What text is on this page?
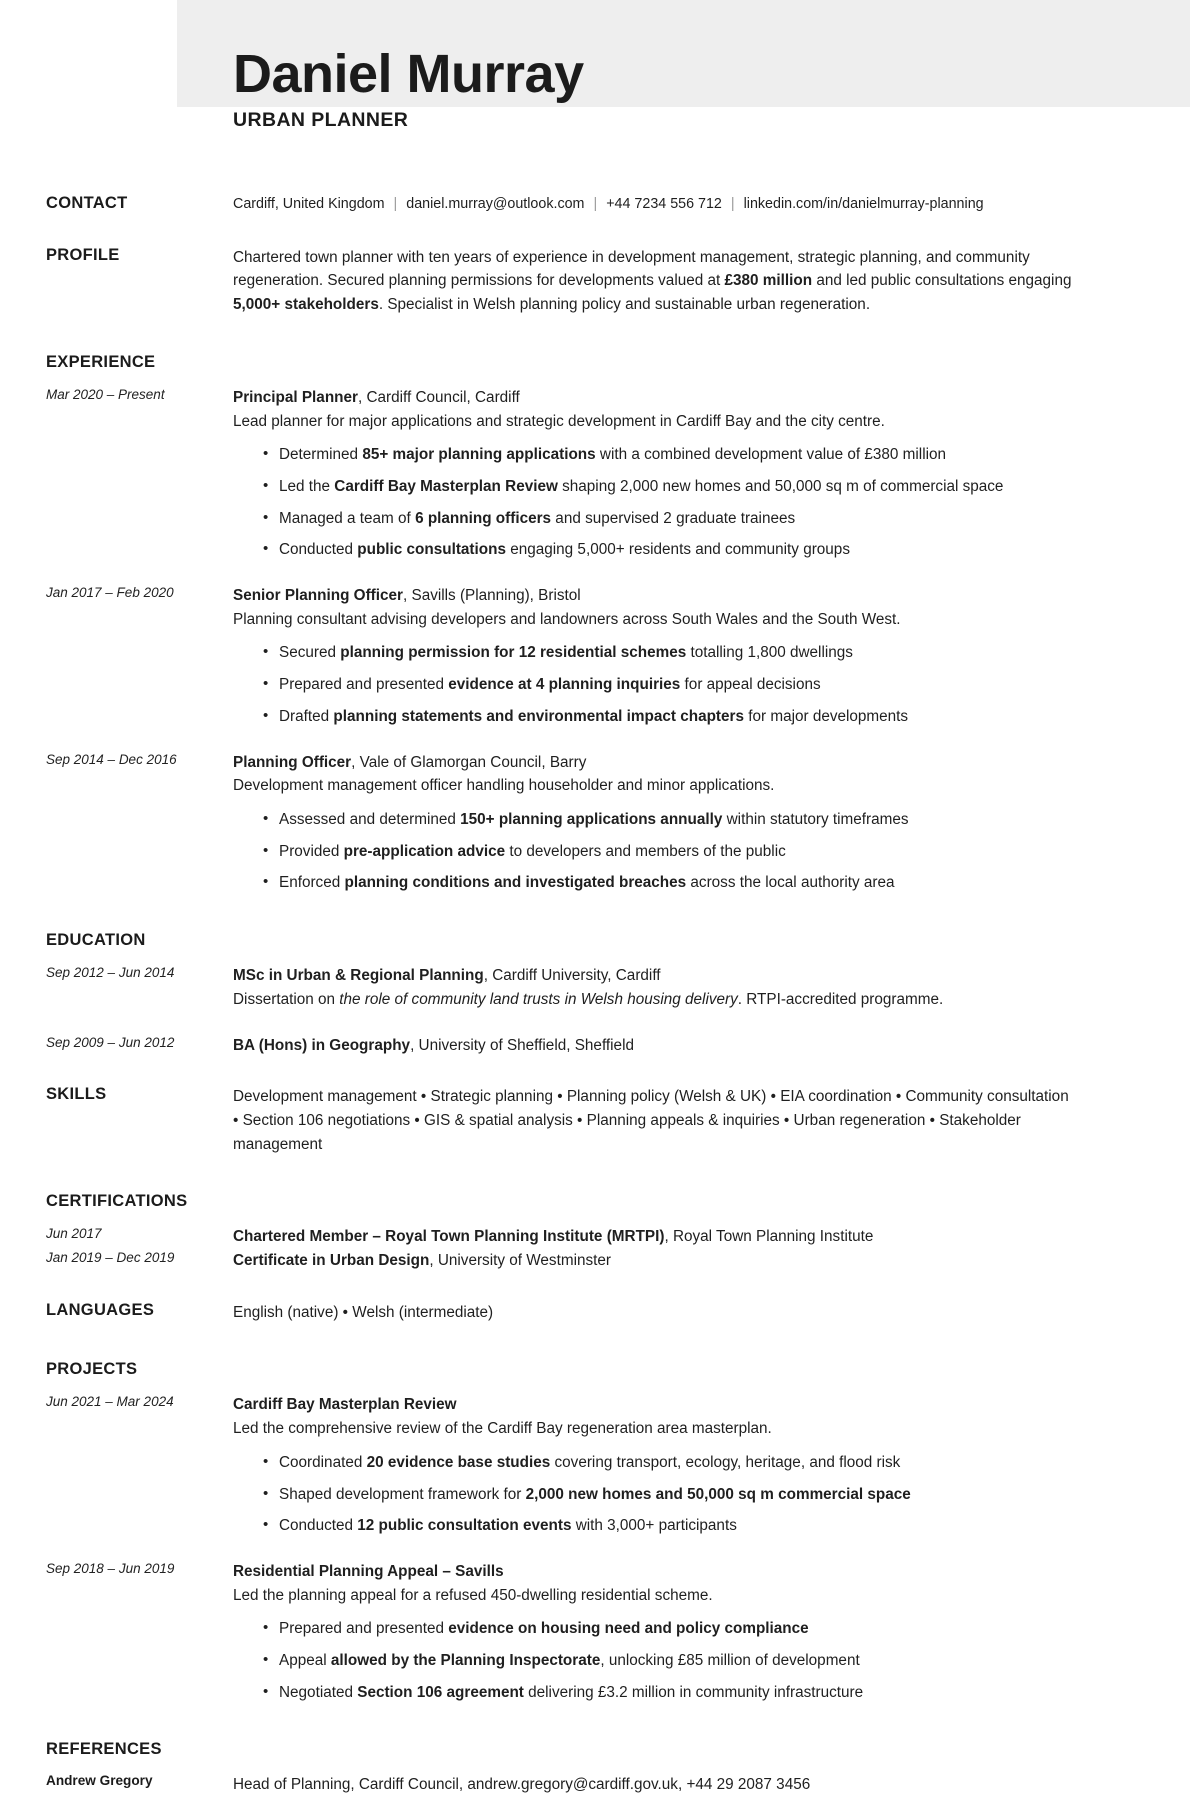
Daniel Murray
URBAN PLANNER
CONTACT	Cardiff, United Kingdom | daniel.murray@outlook.com | +44 7234 556 712 | linkedin.com/in/danielmurray-planning
PROFILE	Chartered town planner with ten years of experience in development management, strategic planning, and community regeneration. Secured planning permissions for developments valued at £380 million and led public consultations engaging 5,000+ stakeholders. Specialist in Welsh planning policy and sustainable urban regeneration.
EXPERIENCE
Mar 2020 – Present	Principal Planner, Cardiff Council, Cardiff
Lead planner for major applications and strategic development in Cardiff Bay and the city centre.
• Determined 85+ major planning applications with a combined development value of £380 million
• Led the Cardiff Bay Masterplan Review shaping 2,000 new homes and 50,000 sq m of commercial space
• Managed a team of 6 planning officers and supervised 2 graduate trainees
• Conducted public consultations engaging 5,000+ residents and community groups
Jan 2017 – Feb 2020	Senior Planning Officer, Savills (Planning), Bristol
Planning consultant advising developers and landowners across South Wales and the South West.
• Secured planning permission for 12 residential schemes totalling 1,800 dwellings
• Prepared and presented evidence at 4 planning inquiries for appeal decisions
• Drafted planning statements and environmental impact chapters for major developments
Sep 2014 – Dec 2016	Planning Officer, Vale of Glamorgan Council, Barry
Development management officer handling householder and minor applications.
• Assessed and determined 150+ planning applications annually within statutory timeframes
• Provided pre-application advice to developers and members of the public
• Enforced planning conditions and investigated breaches across the local authority area
EDUCATION
Sep 2012 – Jun 2014	MSc in Urban & Regional Planning, Cardiff University, Cardiff
Dissertation on the role of community land trusts in Welsh housing delivery. RTPI-accredited programme.
Sep 2009 – Jun 2012	BA (Hons) in Geography, University of Sheffield, Sheffield
SKILLS	Development management • Strategic planning • Planning policy (Welsh & UK) • EIA coordination • Community consultation • Section 106 negotiations • GIS & spatial analysis • Planning appeals & inquiries • Urban regeneration • Stakeholder management
CERTIFICATIONS
Jun 2017	Chartered Member – Royal Town Planning Institute (MRTPI), Royal Town Planning Institute
Jan 2019 – Dec 2019	Certificate in Urban Design, University of Westminster
LANGUAGES	English (native) • Welsh (intermediate)
PROJECTS
Jun 2021 – Mar 2024	Cardiff Bay Masterplan Review
Led the comprehensive review of the Cardiff Bay regeneration area masterplan.
• Coordinated 20 evidence base studies covering transport, ecology, heritage, and flood risk
• Shaped development framework for 2,000 new homes and 50,000 sq m commercial space
• Conducted 12 public consultation events with 3,000+ participants
Sep 2018 – Jun 2019	Residential Planning Appeal – Savills
Led the planning appeal for a refused 450-dwelling residential scheme.
• Prepared and presented evidence on housing need and policy compliance
• Appeal allowed by the Planning Inspectorate, unlocking £85 million of development
• Negotiated Section 106 agreement delivering £3.2 million in community infrastructure
REFERENCES
Andrew Gregory	Head of Planning, Cardiff Council, andrew.gregory@cardiff.gov.uk, +44 29 2087 3456
